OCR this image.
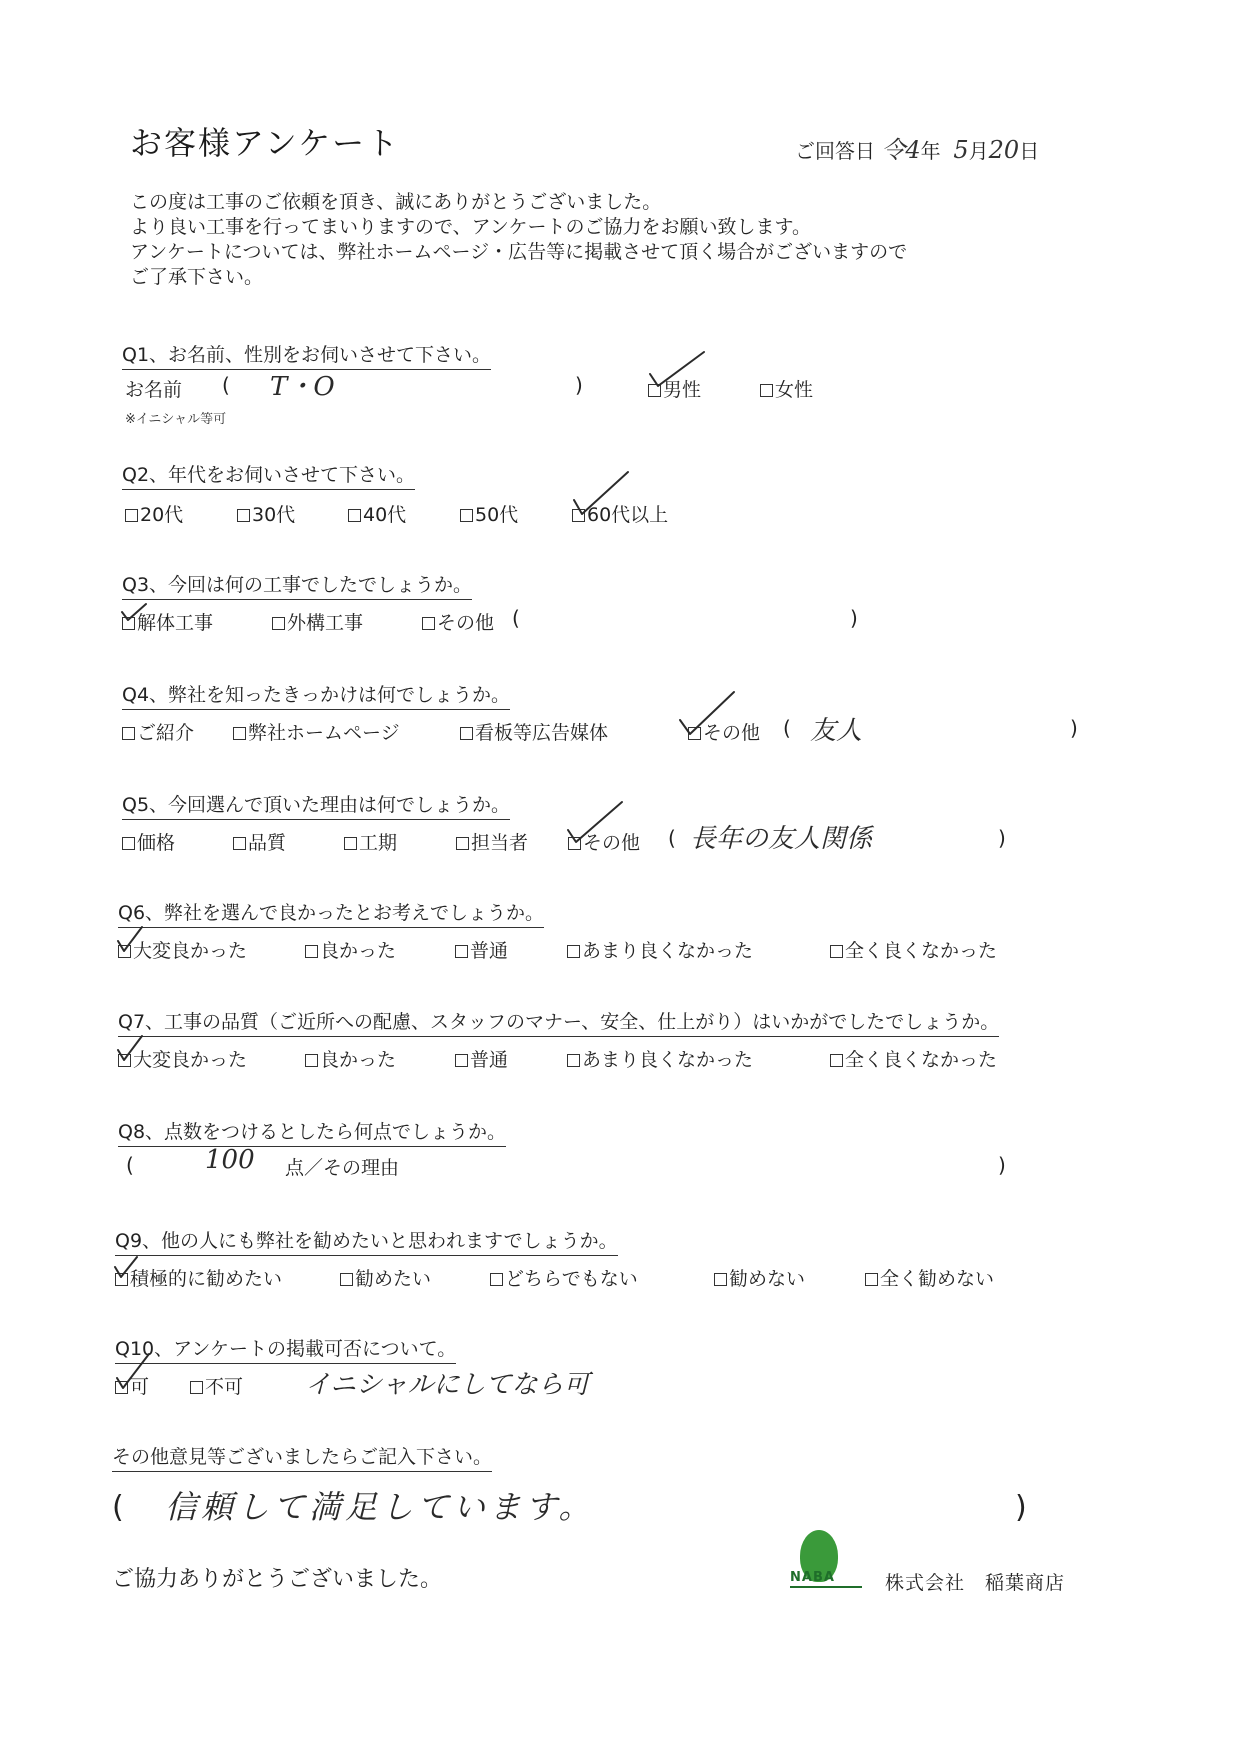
お客様アンケート	ご回答日 令4年 5月20日
この度は工事のご依頼を頂き、誠にありがとうございました。
より良い工事を行ってまいりますので、アンケートのご協力をお願い致します。
アンケートについては、弊社ホームページ・広告等に掲載させて頂く場合がございますので
ご了承下さい。
Q1、お名前、性別をお伺いさせて下さい。
お名前 ( T・O	)
※イニシャル等可
男性	女性
Q2、年代をお伺いさせて下さい。
20代	30代	40代	50代	60代以上
Q3、今回は何の工事でしたでしょうか。
解体工事	外構工事	その他 (	)
Q4、弊社を知ったきっかけは何でしょうか。
ご紹介	弊社ホームページ	看板等広告媒体	その他 ( 友人	)
Q5、今回選んで頂いた理由は何でしょうか。
価格	品質	工期	担当者	その他 ( 長年の友人関係	)
Q6、弊社を選んで良かったとお考えでしょうか。
大変良かった	良かった	普通	あまり良くなかった	全く良くなかった
Q7、工事の品質（ご近所への配慮、スタッフのマナー、安全、仕上がり）はいかがでしたでしょうか。
大変良かった	良かった	普通	あまり良くなかった	全く良くなかった
Q8、点数をつけるとしたら何点でしょうか。
(	100 点／その理由	)
Q9、他の人にも弊社を勧めたいと思われますでしょうか。
積極的に勧めたい	勧めたい	どちらでもない	勧めない	全く勧めない
Q10、アンケートの掲載可否について。
可	不可 イニシャルにしてなら可
その他意見等ございましたらご記入下さい。
( 信頼して満足しています。	)
ご協力ありがとうございました。	NABA	株式会社　稲葉商店
